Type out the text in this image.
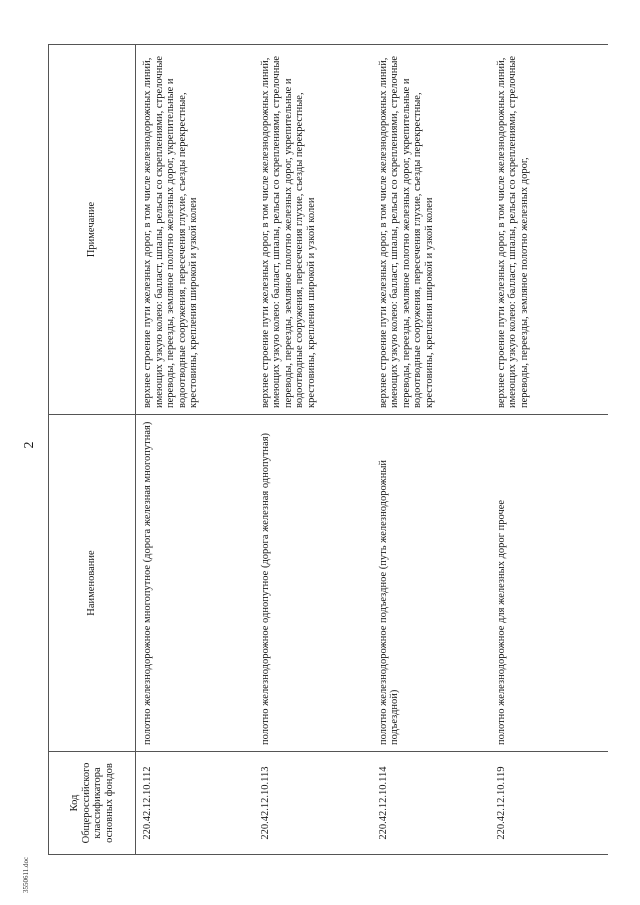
2
Код Общероссийского классификатора основных фондов	Наименование	Примечание
220.42.12.10.112	полотно железнодорожное многопутное (дорога железная многопутная)	верхнее строение пути железных дорог, в том числе железнодорожных линий, имеющих узкую колею: балласт, шпалы, рельсы со скреплениями, стрелочные переводы, переезды, земляное полотно железных дорог, укрепительные и водоотводные сооружения, пересечения глухие, съезды перекрестные, крестовины, крепления широкой и узкой колеи
220.42.12.10.113	полотно железнодорожное однопутное (дорога железная однопутная)	верхнее строение пути железных дорог, в том числе железнодорожных линий, имеющих узкую колею: балласт, шпалы, рельсы со скреплениями, стрелочные переводы, переезды, земляное полотно железных дорог, укрепительные и водоотводные сооружения, пересечения глухие, съезды перекрестные, крестовины, крепления широкой и узкой колеи
220.42.12.10.114	полотно железнодорожное подъездное (путь железнодорожный подъездной)	верхнее строение пути железных дорог, в том числе железнодорожных линий, имеющих узкую колею: балласт, шпалы, рельсы со скреплениями, стрелочные переводы, переезды, земляное полотно железных дорог, укрепительные и водоотводные сооружения, пересечения глухие, съезды перекрестные, крестовины, крепления широкой и узкой колеи
220.42.12.10.119	полотно железнодорожное для железных дорог прочее	верхнее строение пути железных дорог, в том числе железнодорожных линий, имеющих узкую колею: балласт, шпалы, рельсы со скреплениями, стрелочные переводы, переезды, земляное полотно железных дорог,
3550611.doc
